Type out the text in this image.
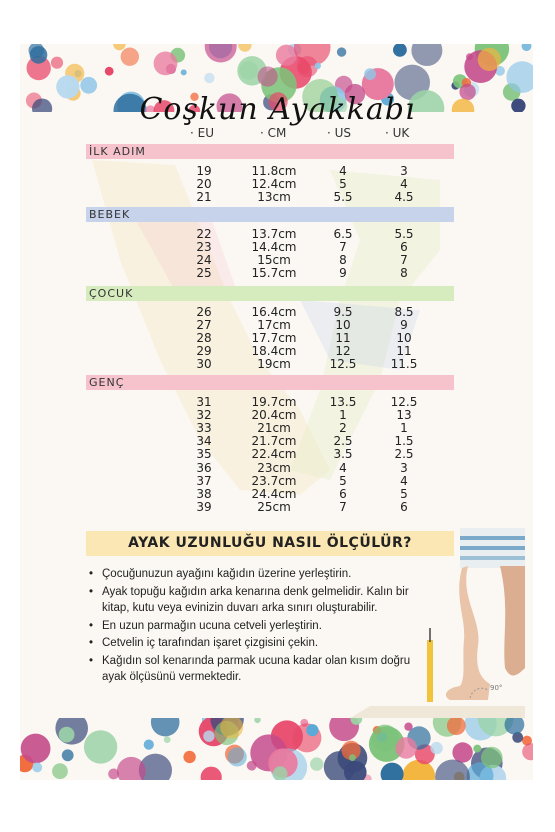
Coşkun Ayakkabı
· EU	· CM	· US	· UK
İLK ADIM
19	11.8cm	4	3
20	12.4cm	5	4
21	13cm	5.5	4.5
BEBEK
22	13.7cm	6.5	5.5
23	14.4cm	7	6
24	15cm	8	7
25	15.7cm	9	8
ÇOCUK
26	16.4cm	9.5	8.5
27	17cm	10	9
28	17.7cm	11	10
29	18.4cm	12	11
30	19cm	12.5	11.5
GENÇ
31	19.7cm	13.5	12.5
32	20.4cm	1	13
33	21cm	2	1
34	21.7cm	2.5	1.5
35	22.4cm	3.5	2.5
36	23cm	4	3
37	23.7cm	5	4
38	24.4cm	6	5
39	25cm	7	6
AYAK UZUNLUĞU NASIL ÖLÇÜLÜR?
• Çocuğunuzun ayağını kağıdın üzerine yerleştirin.
• Ayak topuğu kağıdın arka kenarına denk gelmelidir. Kalın bir kitap, kutu veya evinizin duvarı arka sınırı oluşturabilir.
• En uzun parmağın ucuna cetveli yerleştirin.
• Cetvelin iç tarafından işaret çizgisini çekin.
• Kağıdın sol kenarında parmak ucuna kadar olan kısım doğru ayak ölçüsünü vermektedir.
90°
